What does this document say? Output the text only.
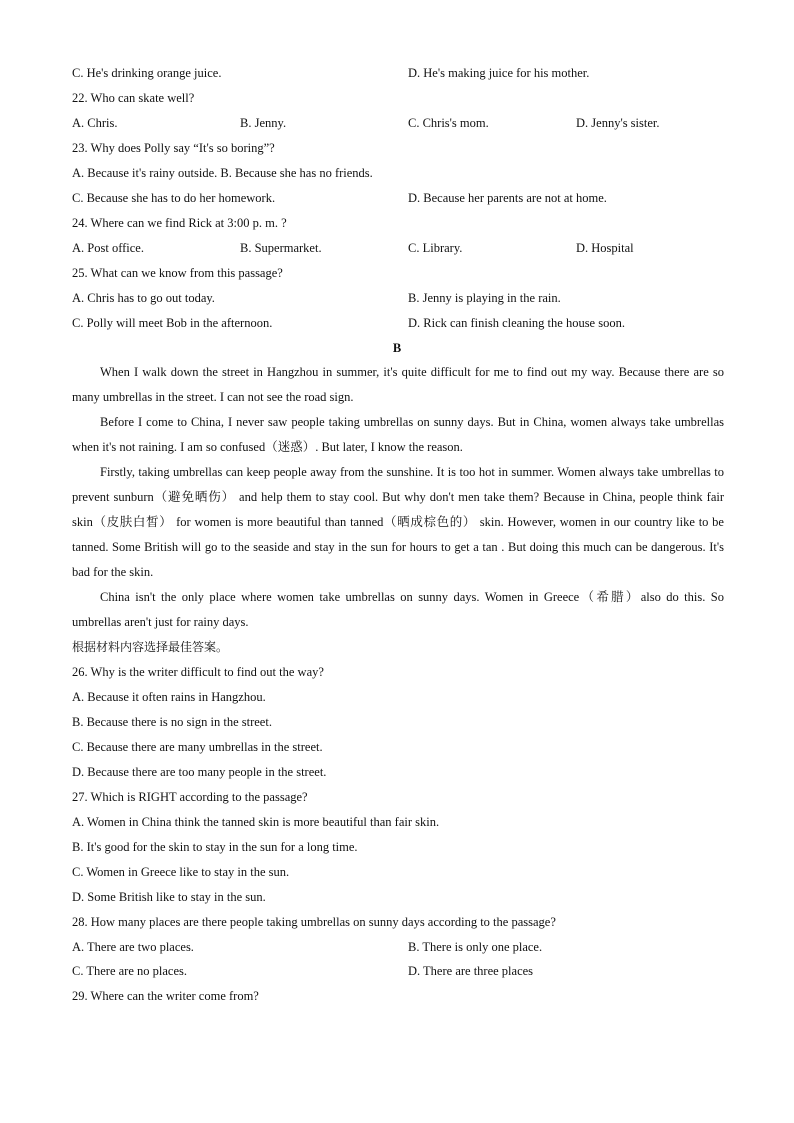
C. He's drinking orange juice.	D. He's making juice for his mother.
22. Who can skate well?
A. Chris.	B. Jenny.	C. Chris's mom.	D. Jenny's sister.
23. Why does Polly say “It's so boring”?
A. Because it's rainy outside. B. Because she has no friends.
C. Because she has to do her homework.	D. Because her parents are not at home.
24. Where can we find Rick at 3:00 p. m. ?
A. Post office.	B. Supermarket.	C. Library.	D. Hospital
25. What can we know from this passage?
A. Chris has to go out today.	B. Jenny is playing in the rain.
C. Polly will meet Bob in the afternoon.	D. Rick can finish cleaning the house soon.
B
When I walk down the street in Hangzhou in summer, it's quite difficult for me to find out my way. Because there are so many umbrellas in the street. I can not see the road sign.
Before I come to China, I never saw people taking umbrellas on sunny days. But in China, women always take umbrellas when it's not raining. I am so confused（迷惑）. But later, I know the reason.
Firstly, taking umbrellas can keep people away from the sunshine. It is too hot in summer. Women always take umbrellas to prevent sunburn（避免晒伤） and help them to stay cool. But why don't men take them? Because in China, people think fair skin（皮肤白皙） for women is more beautiful than tanned（晒成棕色的） skin. However, women in our country like to be tanned. Some British will go to the seaside and stay in the sun for hours to get a tan . But doing this much can be dangerous. It's bad for the skin.
China isn't the only place where women take umbrellas on sunny days. Women in Greece（希腊）also do this. So umbrellas aren't just for rainy days.
根据材料内容选择最佳答案。
26. Why is the writer difficult to find out the way?
A. Because it often rains in Hangzhou.
B. Because there is no sign in the street.
C. Because there are many umbrellas in the street.
D. Because there are too many people in the street.
27. Which is RIGHT according to the passage?
A. Women in China think the tanned skin is more beautiful than fair skin.
B. It's good for the skin to stay in the sun for a long time.
C. Women in Greece like to stay in the sun.
D. Some British like to stay in the sun.
28. How many places are there people taking umbrellas on sunny days according to the passage?
A. There are two places.	B. There is only one place.
C. There are no places.	D. There are three places
29. Where can the writer come from?
